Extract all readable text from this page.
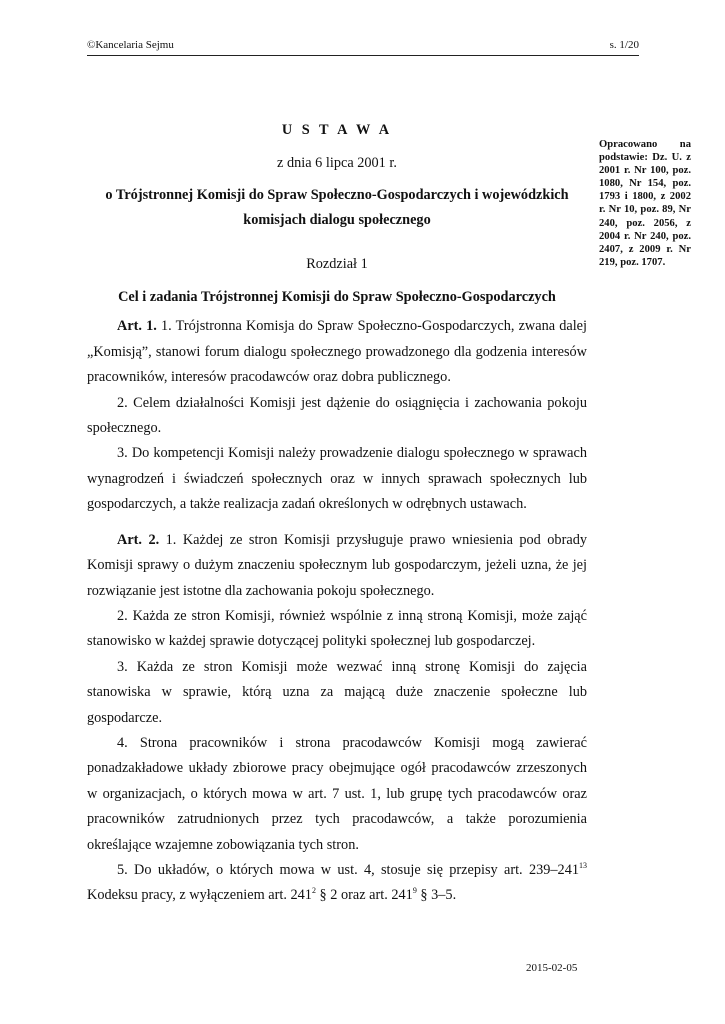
©Kancelaria Sejmu	s. 1/20
Opracowano na podstawie: Dz. U. z 2001 r. Nr 100, poz. 1080, Nr 154, poz. 1793 i 1800, z 2002 r. Nr 10, poz. 89, Nr 240, poz. 2056, z 2004 r. Nr 240, poz. 2407, z 2009 r. Nr 219, poz. 1707.
U S T A W A
z dnia 6 lipca 2001 r.
o Trójstronnej Komisji do Spraw Społeczno-Gospodarczych i wojewódzkich komisjach dialogu społecznego
Rozdział 1
Cel i zadania Trójstronnej Komisji do Spraw Społeczno-Gospodarczych

Art. 1. 1. Trójstronna Komisja do Spraw Społeczno-Gospodarczych, zwana dalej „Komisją”, stanowi forum dialogu społecznego prowadzonego dla godzenia interesów pracowników, interesów pracodawców oraz dobra publicznego.

2. Celem działalności Komisji jest dążenie do osiągnięcia i zachowania pokoju społecznego.

3. Do kompetencji Komisji należy prowadzenie dialogu społecznego w sprawach wynagrodzeń i świadczeń społecznych oraz w innych sprawach społecznych lub gospodarczych, a także realizacja zadań określonych w odrębnych ustawach.

Art. 2. 1. Każdej ze stron Komisji przysługuje prawo wniesienia pod obrady Komisji sprawy o dużym znaczeniu społecznym lub gospodarczym, jeżeli uzna, że jej rozwiązanie jest istotne dla zachowania pokoju społecznego.

2. Każda ze stron Komisji, również wspólnie z inną stroną Komisji, może zająć stanowisko w każdej sprawie dotyczącej polityki społecznej lub gospodarczej.

3. Każda ze stron Komisji może wezwać inną stronę Komisji do zajęcia stanowiska w sprawie, którą uzna za mającą duże znaczenie społeczne lub gospodarcze.

4. Strona pracowników i strona pracodawców Komisji mogą zawierać ponadzakładowe układy zbiorowe pracy obejmujące ogół pracodawców zrzeszonych w organizacjach, o których mowa w art. 7 ust. 1, lub grupę tych pracodawców oraz pracowników zatrudnionych przez tych pracodawców, a także porozumienia określające wzajemne zobowiązania tych stron.

5. Do układów, o których mowa w ust. 4, stosuje się przepisy art. $239-241^{13}$ Kodeksu pracy, z wyłączeniem art. $241^2$ § 2 oraz art. $241^9$ § 3–5.

2015-02-05
